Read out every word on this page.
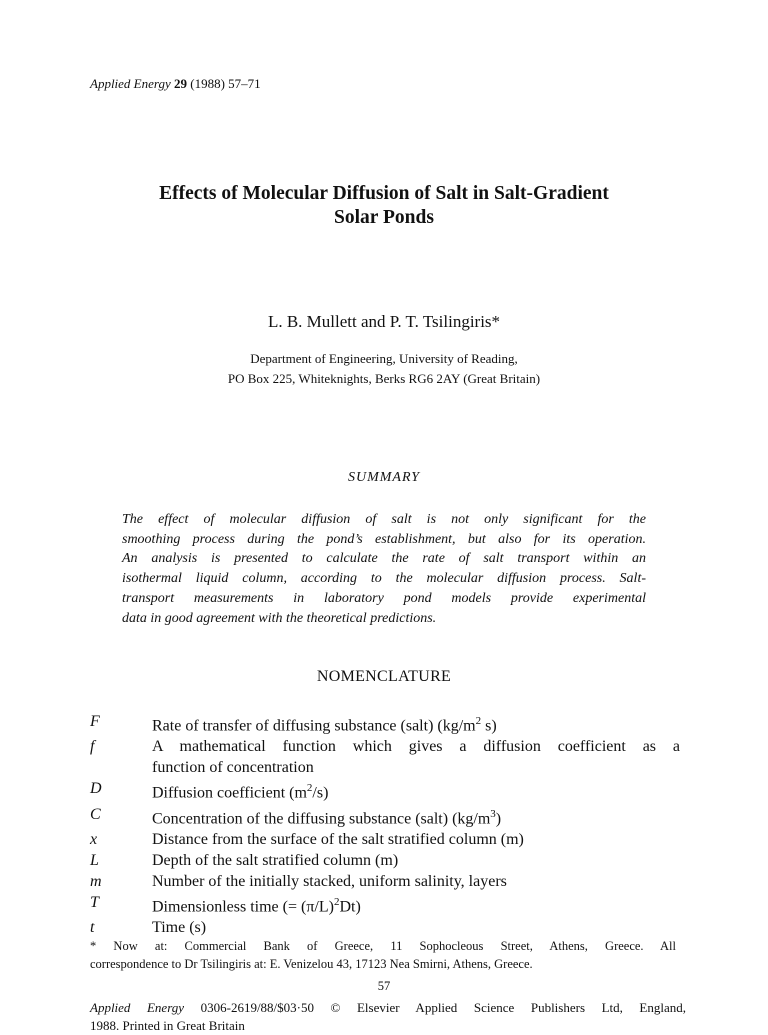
Applied Energy 29 (1988) 57–71
Effects of Molecular Diffusion of Salt in Salt-Gradient
Solar Ponds
L. B. Mullett and P. T. Tsilingiris*
Department of Engineering, University of Reading,
PO Box 225, Whiteknights, Berks RG6 2AY (Great Britain)
SUMMARY
The effect of molecular diffusion of salt is not only significant for the
smoothing process during the pond’s establishment, but also for its operation.
An analysis is presented to calculate the rate of salt transport within an
isothermal liquid column, according to the molecular diffusion process. Salt-
transport measurements in laboratory pond models provide experimental
data in good agreement with the theoretical predictions.
NOMENCLATURE
F	Rate of transfer of diffusing substance (salt) ($kg/m^2$ s)
f	A mathematical function which gives a diffusion coefficient as a
function of concentration
D	Diffusion coefficient $(m^2/s)$
C	Concentration of the diffusing substance (salt) $(kg/m^3)$
x	Distance from the surface of the salt stratified column (m)
L	Depth of the salt stratified column (m)
m	Number of the initially stacked, uniform salinity, layers
T	Dimensionless time (= $(\pi/L)^2Dt$)
t	Time (s)
* Now at: Commercial Bank of Greece, 11 Sophocleous Street, Athens, Greece. All
correspondence to Dr Tsilingiris at: E. Venizelou 43, 17123 Nea Smirni, Athens, Greece.
57
Applied Energy 0306-2619/88/$03·50 © Elsevier Applied Science Publishers Ltd, England,
1988. Printed in Great Britain
